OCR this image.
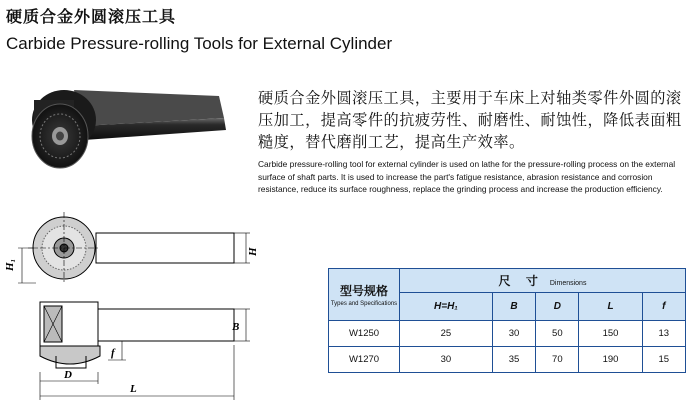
硬质合金外圆滚压工具
Carbide Pressure-rolling Tools for External Cylinder
硬质合金外圆滚压工具，主要用于车床上对轴类零件外圆的滚压加工，提高零件的抗疲劳性、耐磨性、耐蚀性，降低表面粗糙度，替代磨削工艺，提高生产效率。
Carbide pressure-rolling tool for external cylinder is used on lathe for the pressure-rolling process on the external surface of shaft parts. It is used to increase the part's fatigue resistance, abrasion resistance and corrosion resistance, reduce its surface roughness, replace the grinding process and increase the production efficiency.
H₁
H
B
f
D
L
型号规格
Types and Specifications	尺 寸 Dimensions				
	H=H₁	B	D	L	f
W1250	25	30	50	150	13
W1270	30	35	70	190	15
